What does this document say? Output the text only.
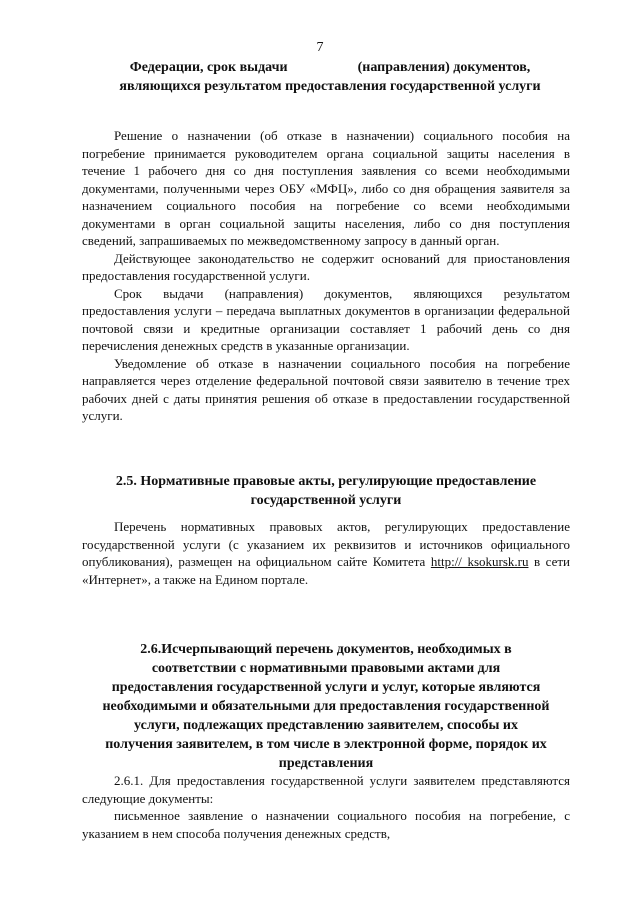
7
Федерации, срок выдачи	(направления) документов,
являющихся результатом предоставления государственной услуги

Решение о назначении (об отказе в назначении) социального пособия на погребение принимается руководителем органа социальной защиты населения в течение 1 рабочего дня со дня поступления заявления со всеми необходимыми документами, полученными через ОБУ «МФЦ», либо со дня обращения заявителя за назначением социального пособия на погребение со всеми необходимыми документами в орган социальной защиты населения, либо со дня поступления сведений, запрашиваемых по межведомственному запросу в данный орган.

Действующее законодательство не содержит оснований для приостановления предоставления государственной услуги.

Срок выдачи (направления) документов, являющихся результатом предоставления услуги – передача выплатных документов в организации федеральной почтовой связи и кредитные организации составляет 1 рабочий день со дня перечисления денежных средств в указанные организации.

Уведомление об отказе в назначении социального пособия на погребение направляется через отделение федеральной почтовой связи заявителю в течение трех рабочих дней с даты принятия решения об отказе в предоставлении государственной услуги.

2.5. Нормативные правовые акты, регулирующие предоставление
государственной услуги

Перечень нормативных правовых актов, регулирующих предоставление государственной услуги (с указанием их реквизитов и источников официального опубликования), размещен на официальном сайте Комитета http:// ksokursk.ru в сети «Интернет», а также на Едином портале.

2.6.Исчерпывающий перечень документов, необходимых в
соответствии с нормативными правовыми актами для
предоставления государственной услуги и услуг, которые являются
необходимыми и обязательными для предоставления государственной
услуги, подлежащих представлению заявителем, способы их
получения заявителем, в том числе в электронной форме, порядок их
представления

2.6.1. Для предоставления государственной услуги заявителем представляются следующие документы:

письменное заявление о назначении социального пособия на погребение, с указанием в нем способа получения денежных средств,
